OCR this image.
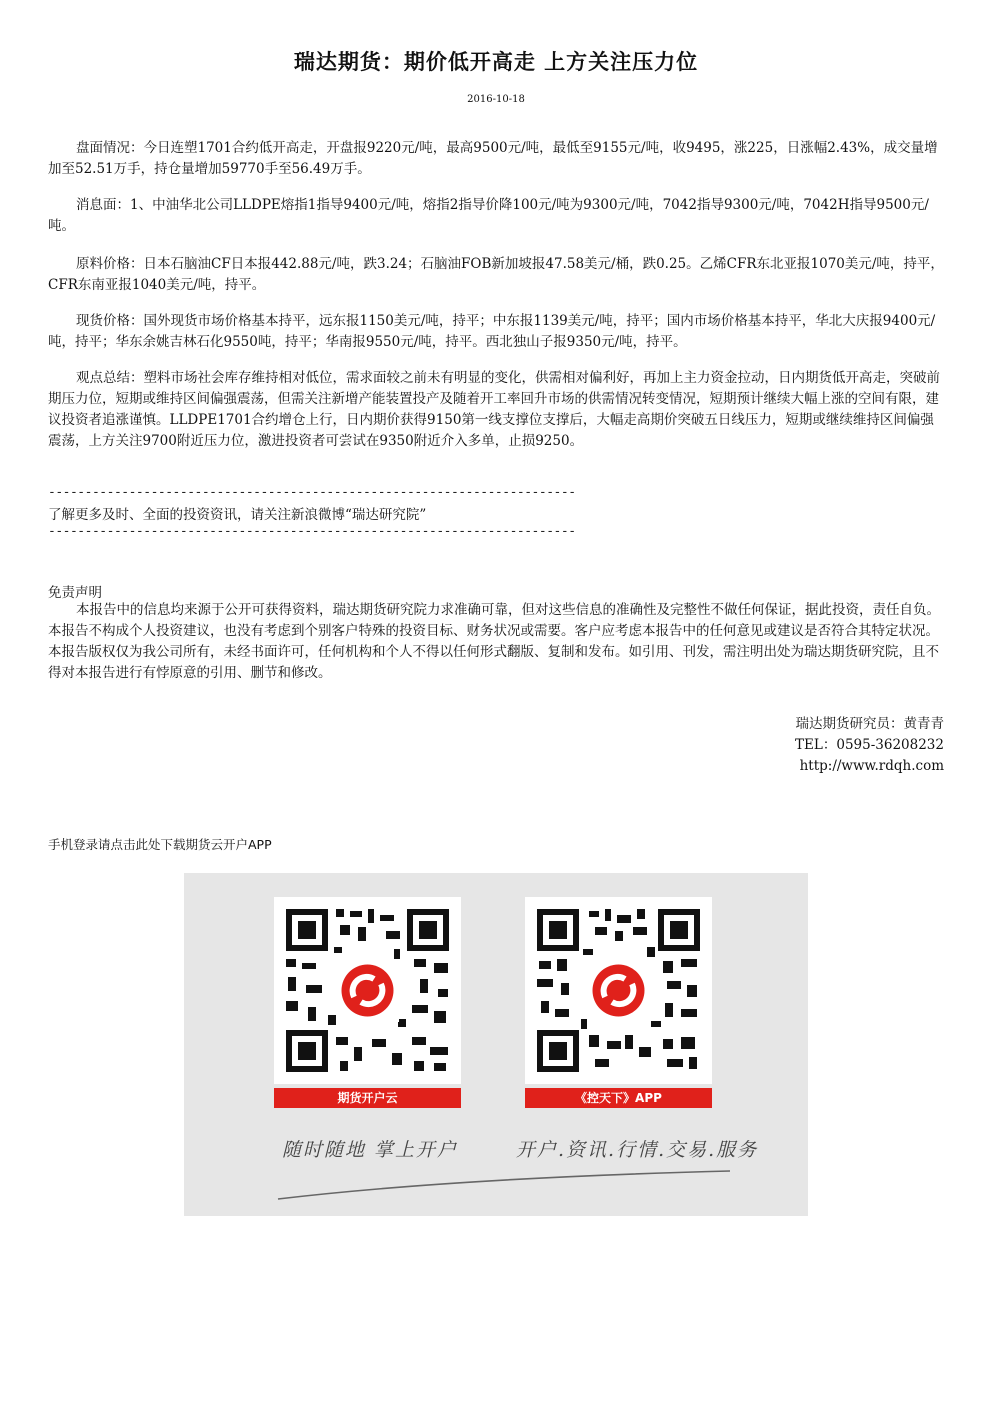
瑞达期货：期价低开高走 上方关注压力位
2016-10-18
盘面情况：今日连塑1701合约低开高走，开盘报9220元/吨，最高9500元/吨，最低至9155元/吨，收9495，涨225，日涨幅2.43%，成交量增加至52.51万手，持仓量增加59770手至56.49万手。
消息面：1、中油华北公司LLDPE熔指1指导9400元/吨，熔指2指导价降100元/吨为9300元/吨，7042指导9300元/吨，7042H指导9500元/吨。
原料价格：日本石脑油CF日本报442.88元/吨，跌3.24；石脑油FOB新加坡报47.58美元/桶，跌0.25。乙烯CFR东北亚报1070美元/吨，持平，CFR东南亚报1040美元/吨，持平。
现货价格：国外现货市场价格基本持平，远东报1150美元/吨，持平；中东报1139美元/吨，持平；国内市场价格基本持平，华北大庆报9400元/吨，持平；华东余姚吉林石化9550吨，持平；华南报9550元/吨，持平。西北独山子报9350元/吨，持平。
观点总结：塑料市场社会库存维持相对低位，需求面较之前未有明显的变化，供需相对偏利好，再加上主力资金拉动，日内期货低开高走，突破前期压力位，短期或维持区间偏强震荡，但需关注新增产能装置投产及随着开工率回升市场的供需情况转变情况，短期预计继续大幅上涨的空间有限，建议投资者追涨谨慎。LLDPE1701合约增仓上行，日内期价获得9150第一线支撑位支撑后，大幅走高期价突破五日线压力，短期或继续维持区间偏强震荡，上方关注9700附近压力位，激进投资者可尝试在9350附近介入多单，止损9250。
------------------------------------------------------------------------
了解更多及时、全面的投资资讯，请关注新浪微博“瑞达研究院”
------------------------------------------------------------------------
免责声明
本报告中的信息均来源于公开可获得资料，瑞达期货研究院力求准确可靠，但对这些信息的准确性及完整性不做任何保证，据此投资，责任自负。本报告不构成个人投资建议，也没有考虑到个别客户特殊的投资目标、财务状况或需要。客户应考虑本报告中的任何意见或建议是否符合其特定状况。本报告版权仅为我公司所有，未经书面许可，任何机构和个人不得以任何形式翻版、复制和发布。如引用、刊发，需注明出处为瑞达期货研究院，且不得对本报告进行有悖原意的引用、删节和修改。
瑞达期货研究员：黄青青
TEL：0595-36208232
http://www.rdqh.com
手机登录请点击此处下载期货云开户APP
期货开户云	《控天下》APP
随时随地 掌上开户	开户.资讯.行情.交易.服务
